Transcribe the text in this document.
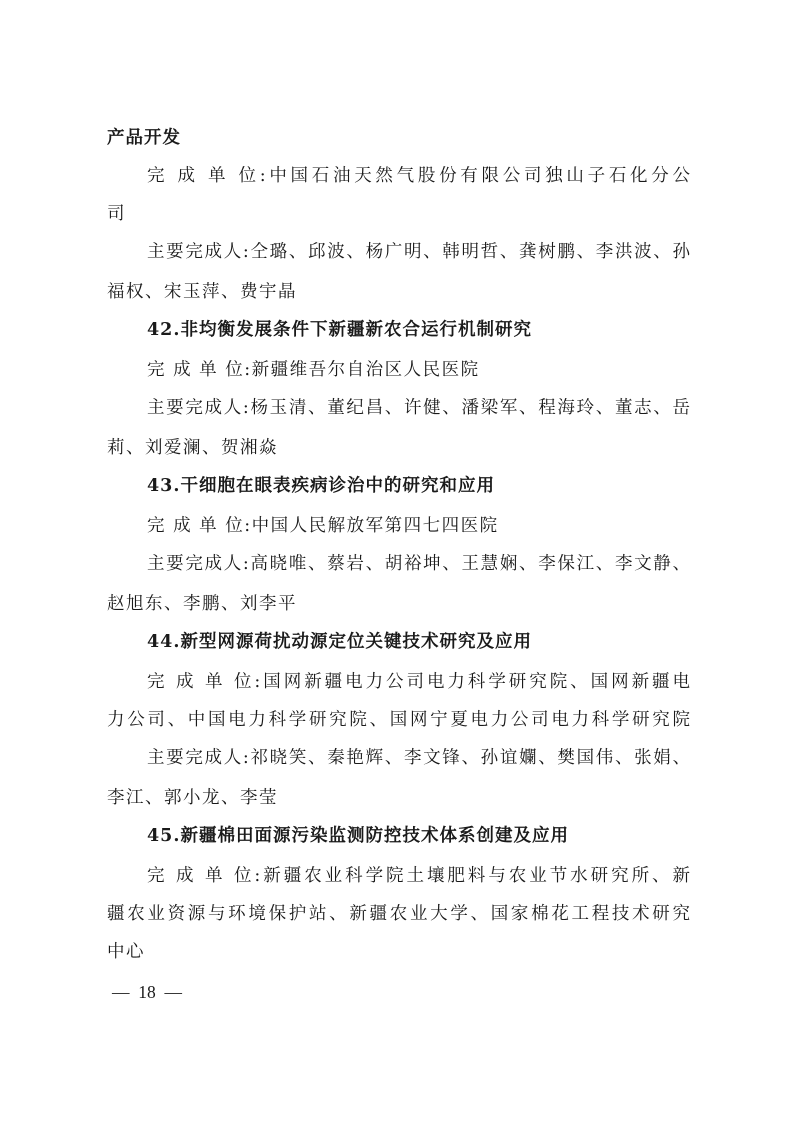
产品开发
完 成 单 位:中国石油天然气股份有限公司独山子石化分公
司
主要完成人:仝璐、邱波、杨广明、韩明哲、龚树鹏、李洪波、孙
福权、宋玉萍、费宇晶
42.非均衡发展条件下新疆新农合运行机制研究
完 成 单 位:新疆维吾尔自治区人民医院
主要完成人:杨玉清、董纪昌、许健、潘梁军、程海玲、董志、岳
莉、刘爱澜、贺湘焱
43.干细胞在眼表疾病诊治中的研究和应用
完 成 单 位:中国人民解放军第四七四医院
主要完成人:高晓唯、蔡岩、胡裕坤、王慧娴、李保江、李文静、
赵旭东、李鹏、刘李平
44.新型网源荷扰动源定位关键技术研究及应用
完 成 单 位:国网新疆电力公司电力科学研究院、国网新疆电
力公司、中国电力科学研究院、国网宁夏电力公司电力科学研究院
主要完成人:祁晓笑、秦艳辉、李文锋、孙谊孄、樊国伟、张娟、
李江、郭小龙、李莹
45.新疆棉田面源污染监测防控技术体系创建及应用
完 成 单 位:新疆农业科学院土壤肥料与农业节水研究所、新
疆农业资源与环境保护站、新疆农业大学、国家棉花工程技术研究
中心
—  18  —
